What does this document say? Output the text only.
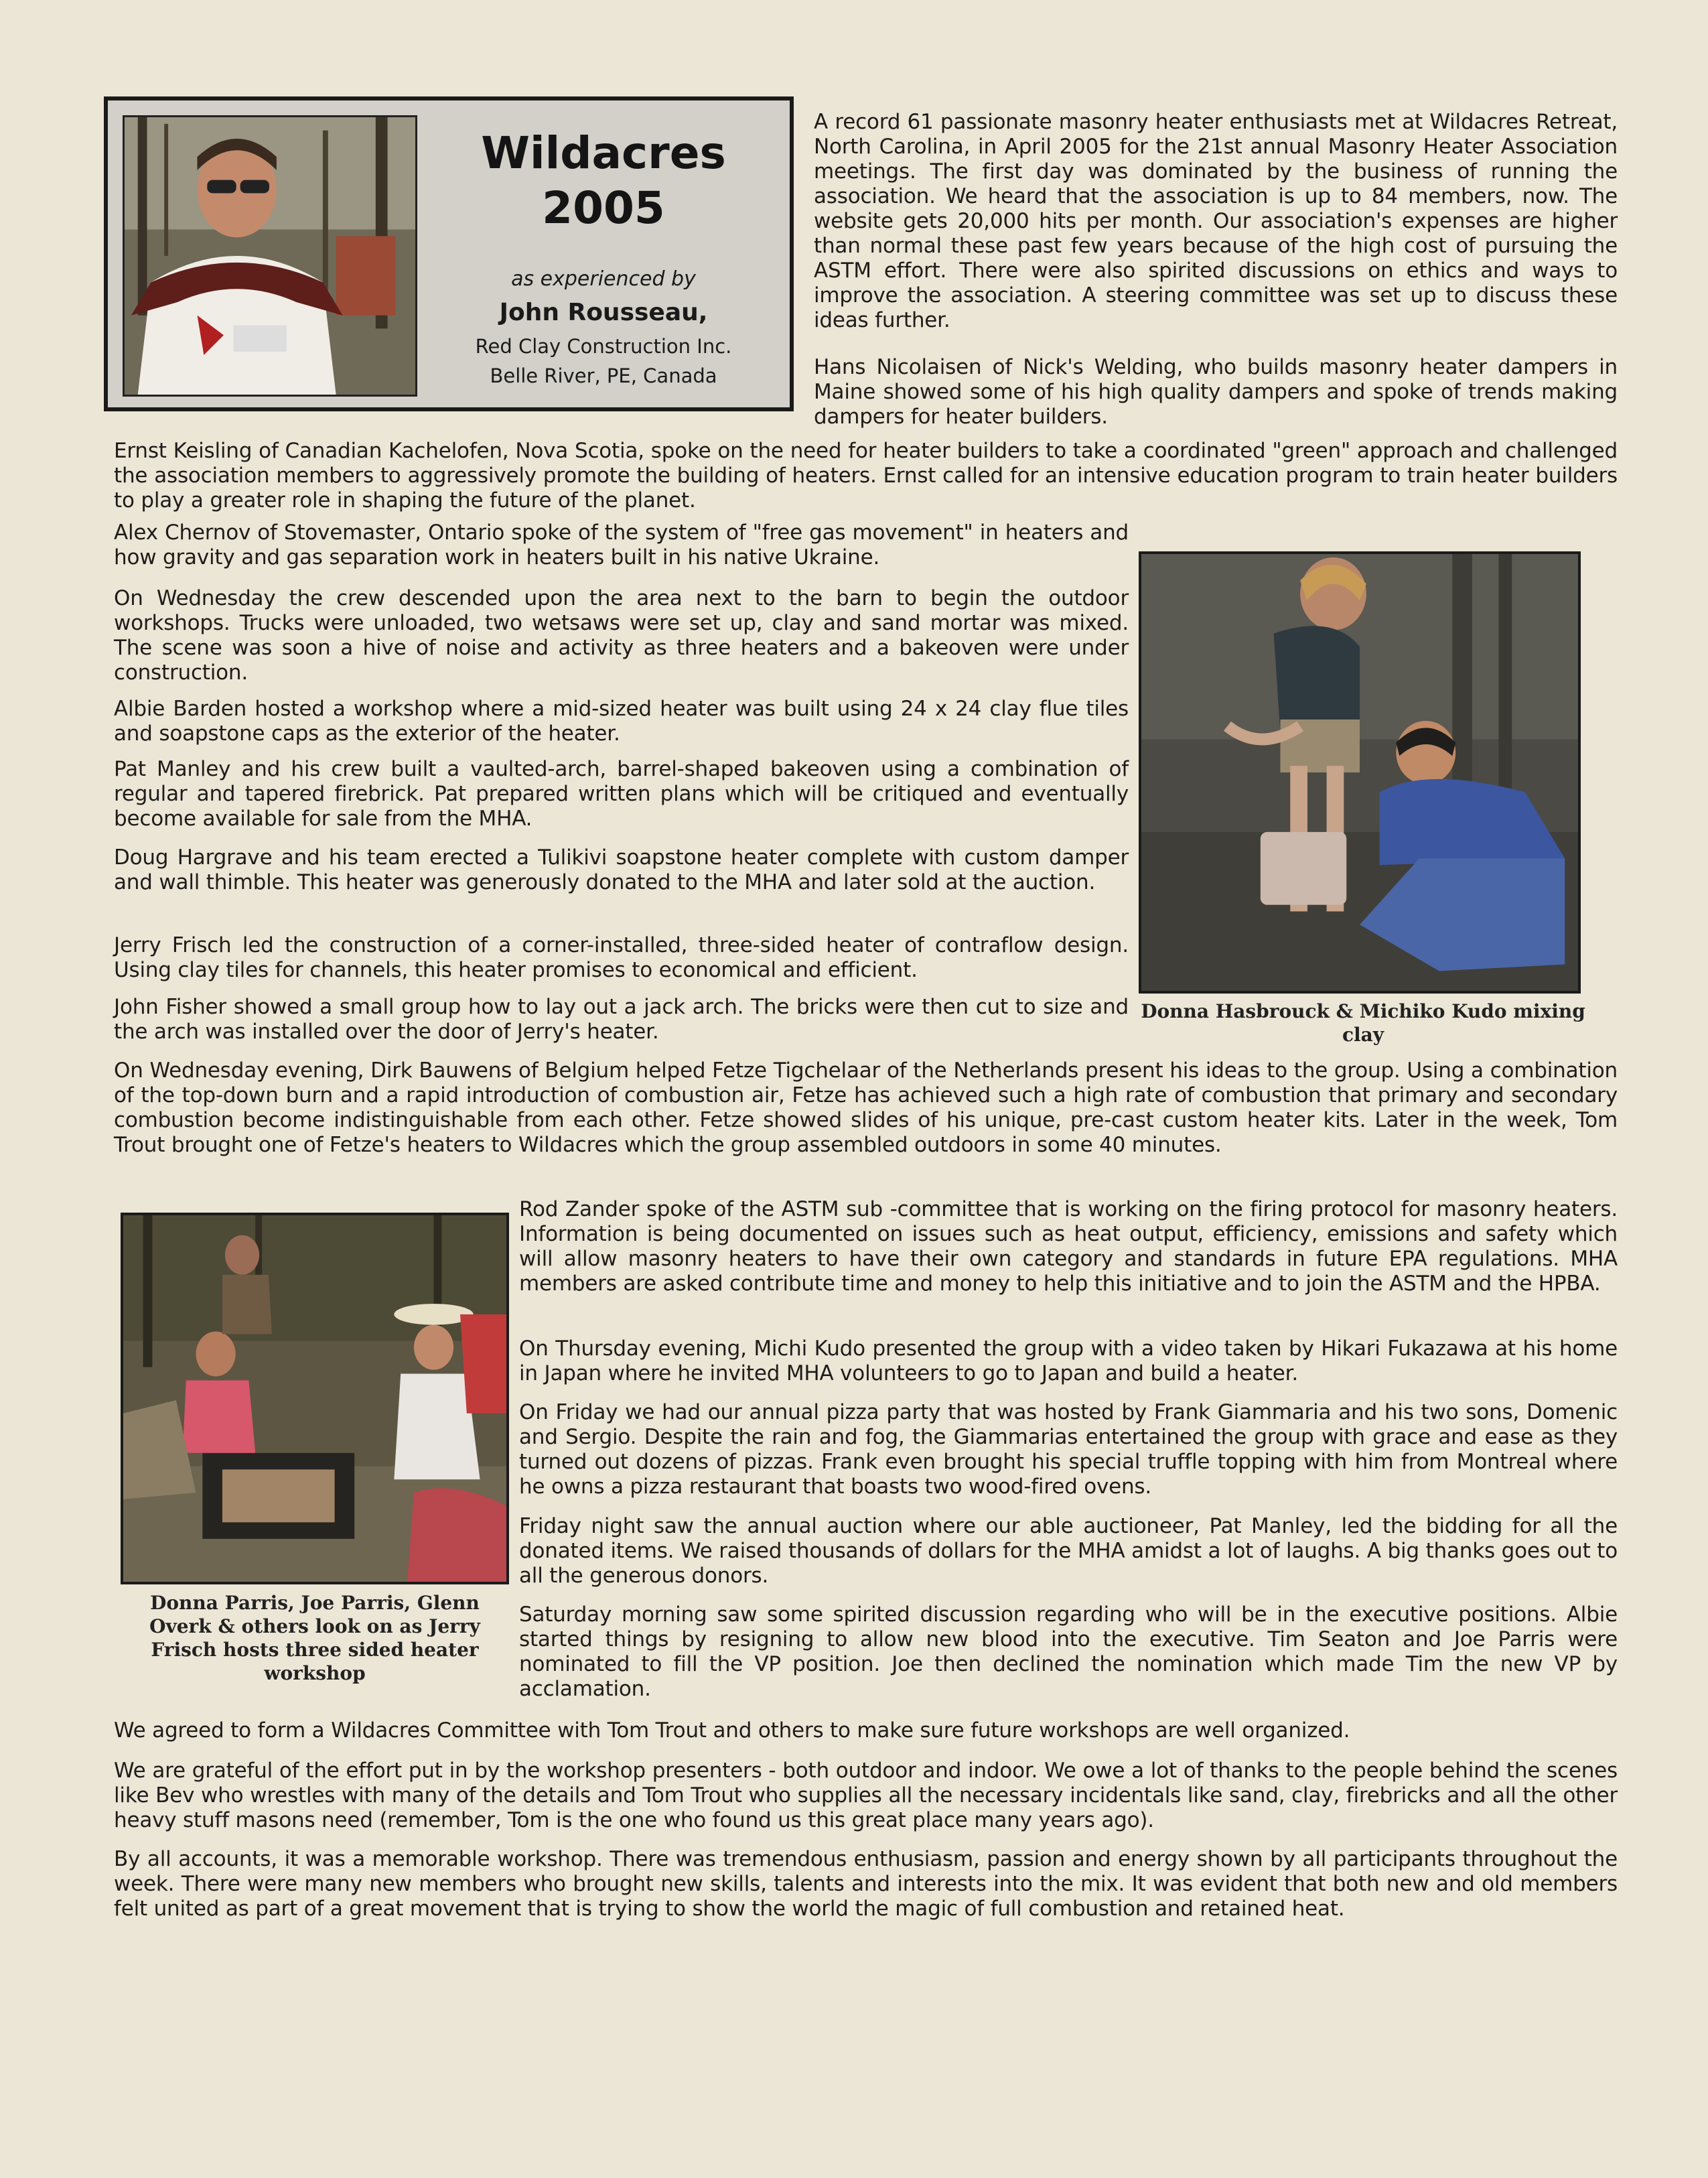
Wildacres
2005
as experienced by
John Rousseau,
Red Clay Construction Inc.
Belle River, PE, Canada

A record 61 passionate masonry heater enthusiasts met at Wildacres Retreat, North Carolina, in April 2005 for the 21st annual Masonry Heater Association meetings. The first day was dominated by the business of running the association. We heard that the association is up to 84 members, now. The website gets 20,000 hits per month. Our association's expenses are higher than normal these past few years because of the high cost of pursuing the ASTM effort. There were also spirited discussions on ethics and ways to improve the association. A steering committee was set up to discuss these ideas further.

Hans Nicolaisen of Nick's Welding, who builds masonry heater dampers in Maine showed some of his high quality dampers and spoke of trends making dampers for heater builders.

Ernst Keisling of Canadian Kachelofen, Nova Scotia, spoke on the need for heater builders to take a coordinated "green" approach and challenged the association members to aggressively promote the building of heaters. Ernst called for an intensive education program to train heater builders to play a greater role in shaping the future of the planet.

Alex Chernov of Stovemaster, Ontario spoke of the system of "free gas movement" in heaters and how gravity and gas separation work in heaters built in his native Ukraine.

On Wednesday the crew descended upon the area next to the barn to begin the outdoor workshops. Trucks were unloaded, two wetsaws were set up, clay and sand mortar was mixed. The scene was soon a hive of noise and activity as three heaters and a bakeoven were under construction.

Albie Barden hosted a workshop where a mid-sized heater was built using 24 x 24 clay flue tiles and soapstone caps as the exterior of the heater.

Pat Manley and his crew built a vaulted-arch, barrel-shaped bakeoven using a combination of regular and tapered firebrick. Pat prepared written plans which will be critiqued and eventually become available for sale from the MHA.

Doug Hargrave and his team erected a Tulikivi soapstone heater complete with custom damper and wall thimble. This heater was generously donated to the MHA and later sold at the auction.

Jerry Frisch led the construction of a corner-installed, three-sided heater of contraflow design. Using clay tiles for channels, this heater promises to economical and efficient.

John Fisher showed a small group how to lay out a jack arch. The bricks were then cut to size and the arch was installed over the door of Jerry's heater.

Donna Hasbrouck & Michiko Kudo mixing clay

On Wednesday evening, Dirk Bauwens of Belgium helped Fetze Tigchelaar of the Netherlands present his ideas to the group. Using a combination of the top-down burn and a rapid introduction of combustion air, Fetze has achieved such a high rate of combustion that primary and secondary combustion become indistinguishable from each other. Fetze showed slides of his unique, pre-cast custom heater kits. Later in the week, Tom Trout brought one of Fetze's heaters to Wildacres which the group assembled outdoors in some 40 minutes.

Donna Parris, Joe Parris, Glenn Overk & others look on as Jerry Frisch hosts three sided heater workshop

Rod Zander spoke of the ASTM sub -committee that is working on the firing protocol for masonry heaters. Information is being documented on issues such as heat output, efficiency, emissions and safety which will allow masonry heaters to have their own category and standards in future EPA regulations. MHA members are asked contribute time and money to help this initiative and to join the ASTM and the HPBA.

On Thursday evening, Michi Kudo presented the group with a video taken by Hikari Fukazawa at his home in Japan where he invited MHA volunteers to go to Japan and build a heater.

On Friday we had our annual pizza party that was hosted by Frank Giammaria and his two sons, Domenic and Sergio. Despite the rain and fog, the Giammarias entertained the group with grace and ease as they turned out dozens of pizzas. Frank even brought his special truffle topping with him from Montreal where he owns a pizza restaurant that boasts two wood-fired ovens.

Friday night saw the annual auction where our able auctioneer, Pat Manley, led the bidding for all the donated items. We raised thousands of dollars for the MHA amidst a lot of laughs. A big thanks goes out to all the generous donors.

Saturday morning saw some spirited discussion regarding who will be in the executive positions. Albie started things by resigning to allow new blood into the executive. Tim Seaton and Joe Parris were nominated to fill the VP position. Joe then declined the nomination which made Tim the new VP by acclamation.

We agreed to form a Wildacres Committee with Tom Trout and others to make sure future workshops are well organized.

We are grateful of the effort put in by the workshop presenters - both outdoor and indoor. We owe a lot of thanks to the people behind the scenes like Bev who wrestles with many of the details and Tom Trout who supplies all the necessary incidentals like sand, clay, firebricks and all the other heavy stuff masons need (remember, Tom is the one who found us this great place many years ago).

By all accounts, it was a memorable workshop. There was tremendous enthusiasm, passion and energy shown by all participants throughout the week. There were many new members who brought new skills, talents and interests into the mix. It was evident that both new and old members felt united as part of a great movement that is trying to show the world the magic of full combustion and retained heat.
